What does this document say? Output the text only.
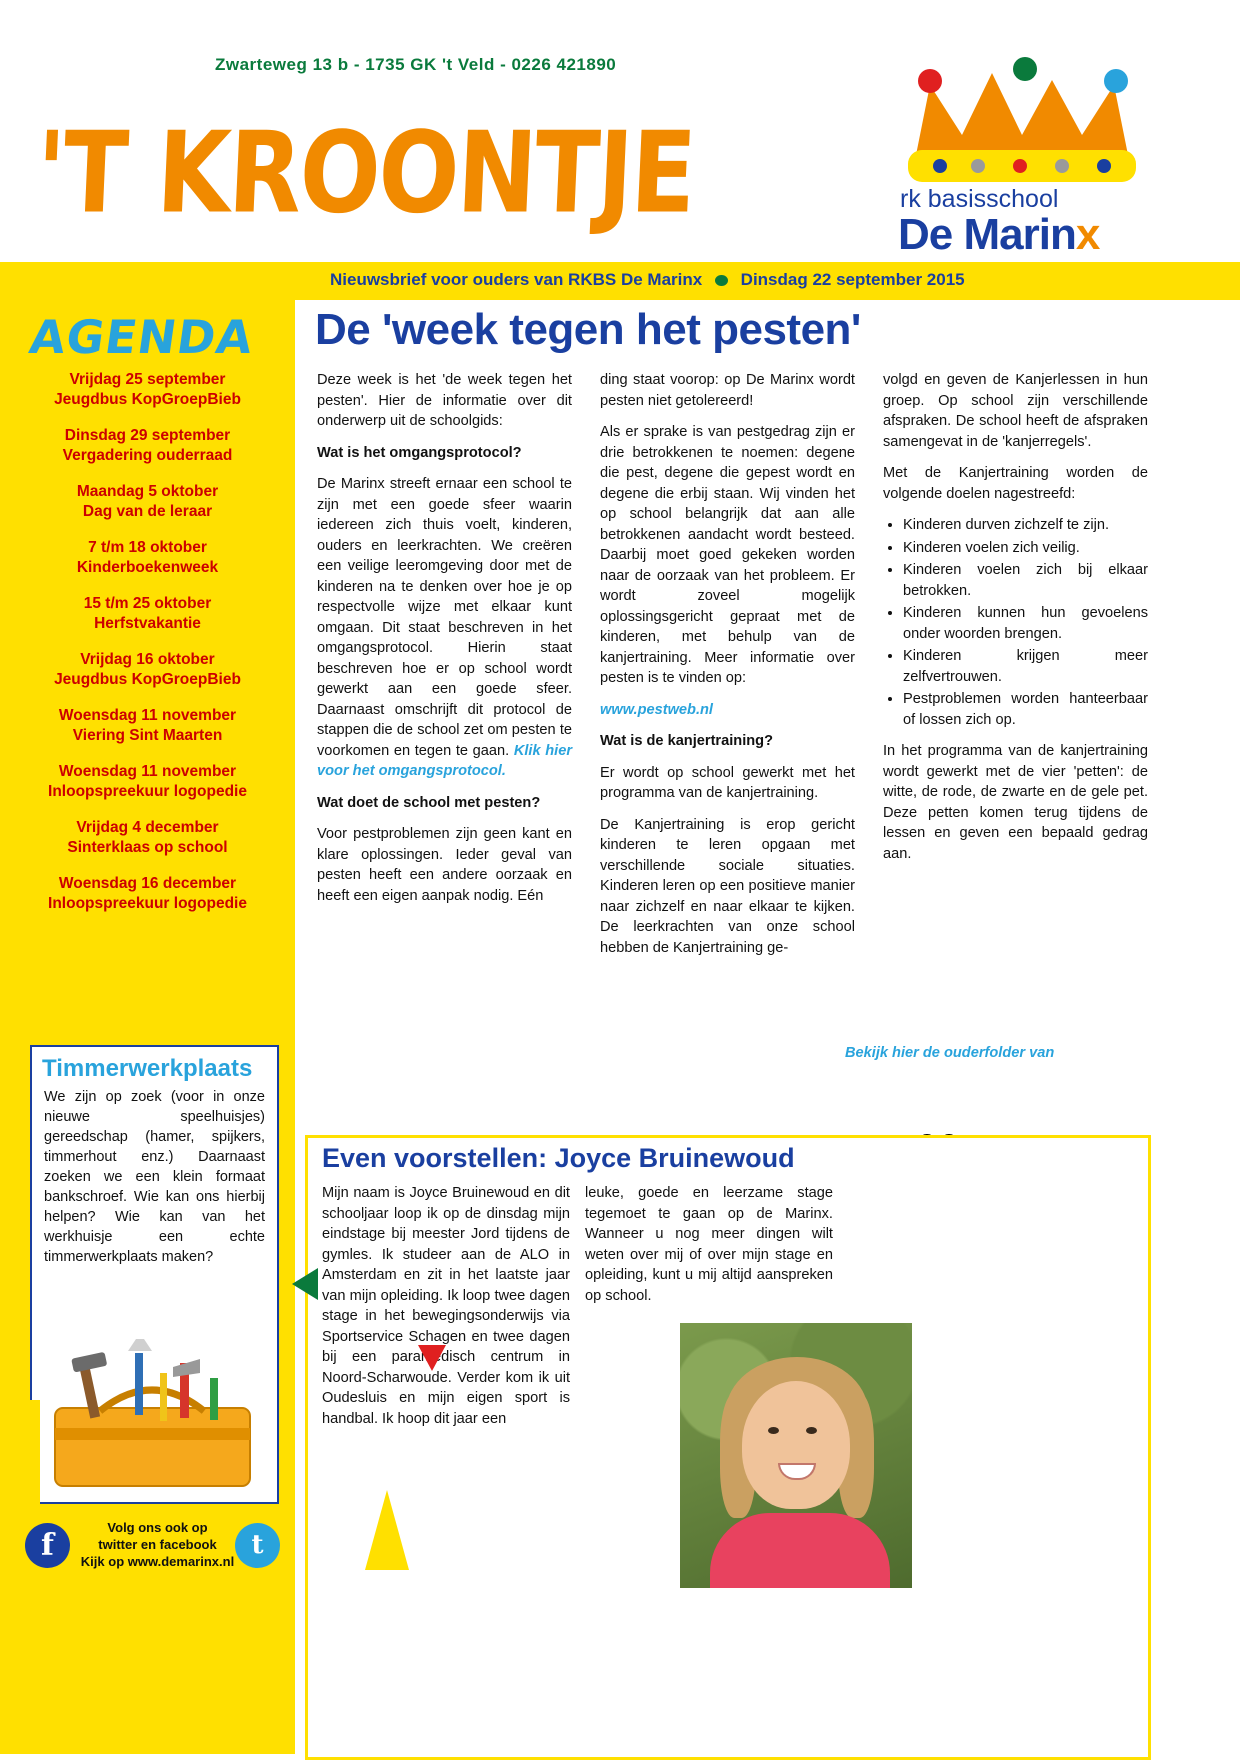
Zwarteweg 13 b - 1735 GK 't Veld - 0226 421890
'T KROONTJE	rk basisschool
De Marinx
Nieuwsbrief voor ouders van RKBS De Marinx Dinsdag 22 september 2015
AGENDA
Vrijdag 25 september
Jeugdbus KopGroepBieb
Dinsdag 29 september
Vergadering ouderraad
Maandag 5 oktober
Dag van de leraar
7 t/m 18 oktober
Kinderboekenweek
15 t/m 25 oktober
Herfstvakantie
Vrijdag 16 oktober
Jeugdbus KopGroepBieb
Woensdag 11 november
Viering Sint Maarten
Woensdag 11 november
Inloopspreekuur logopedie
Vrijdag 4 december
Sinterklaas op school
Woensdag 16 december
Inloopspreekuur logopedie
Timmerwerkplaats
We zijn op zoek (voor in onze nieuwe speelhuisjes) gereedschap (hamer, spijkers, timmerhout enz.) Daarnaast zoeken we een klein formaat bankschroef. Wie kan ons hierbij helpen? Wie kan van het werkhuisje een echte timmerwerkplaats maken?
f
Volg ons ook op
twitter en facebook
Kijk op www.demarinx.nl
t
De 'week tegen het pesten'

Deze week is het 'de week tegen het pesten'. Hier de informatie over dit onderwerp uit de schoolgids:

Wat is het omgangsprotocol?

De Marinx streeft ernaar een school te zijn met een goede sfeer waarin iedereen zich thuis voelt, kinderen, ouders en leerkrachten. We creëren een veilige leeromgeving door met de kinderen na te denken over hoe je op respectvolle wijze met elkaar kunt omgaan. Dit staat beschreven in het omgangsprotocol. Hierin staat beschreven hoe er op school wordt gewerkt aan een goede sfeer. Daarnaast omschrijft dit protocol de stappen die de school zet om pesten te voorkomen en tegen te gaan. Klik hier voor het omgangsprotocol.

Wat doet de school met pesten?

Voor pestproblemen zijn geen kant en klare oplossingen. Ieder geval van pesten heeft een andere oorzaak en heeft een eigen aanpak nodig. Eén

ding staat voorop: op De Marinx wordt pesten niet getolereerd!

Als er sprake is van pestgedrag zijn er drie betrokkenen te noemen: degene die pest, degene die gepest wordt en degene die erbij staan. Wij vinden het op school belangrijk dat aan alle betrokkenen aandacht wordt besteed. Daarbij moet goed gekeken worden naar de oorzaak van het probleem. Er wordt zoveel mogelijk oplossingsgericht gepraat met de kinderen, met behulp van de kanjertraining. Meer informatie over pesten is te vinden op:

www.pestweb.nl

Wat is de kanjertraining?

Er wordt op school gewerkt met het programma van de kanjertraining.

De Kanjertraining is erop gericht kinderen te leren opgaan met verschillende sociale situaties. Kinderen leren op een positieve manier naar zichzelf en naar elkaar te kijken. De leerkrachten van onze school hebben de Kanjertraining ge-

volgd en geven de Kanjerlessen in hun groep. Op school zijn verschillende afspraken. De school heeft de afspraken samengevat in de 'kanjerregels'.

Met de Kanjertraining worden de volgende doelen nagestreefd:

• Kinderen durven zichzelf te zijn.
• Kinderen voelen zich veilig.
• Kinderen voelen zich bij elkaar betrokken.
• Kinderen kunnen hun gevoelens onder woorden brengen.
• Kinderen krijgen meer zelfvertrouwen.
• Pestproblemen worden hanteerbaar of lossen zich op.

In het programma van de kanjertraining wordt gewerkt met de vier 'petten': de witte, de rode, de zwarte en de gele pet. Deze petten komen terug tijdens de lessen en geven een bepaald gedrag aan.

Bekijk hier de ouderfolder van
Even voorstellen: Joyce Bruinewoud
Mijn naam is Joyce Bruinewoud en dit schooljaar loop ik op de dinsdag mijn eindstage bij meester Jord tijdens de gymles. Ik studeer aan de ALO in Amsterdam en zit in het laatste jaar van mijn opleiding. Ik loop twee dagen stage in het bewegingsonderwijs via Sportservice Schagen en twee dagen bij een paramedisch centrum in Noord-Scharwoude. Verder kom ik uit Oudesluis en mijn eigen sport is handbal. Ik hoop dit jaar een
leuke, goede en leerzame stage tegemoet te gaan op de Marinx. Wanneer u nog meer dingen wilt weten over mij of over mijn stage en opleiding, kunt u mij altijd aanspreken op school.
